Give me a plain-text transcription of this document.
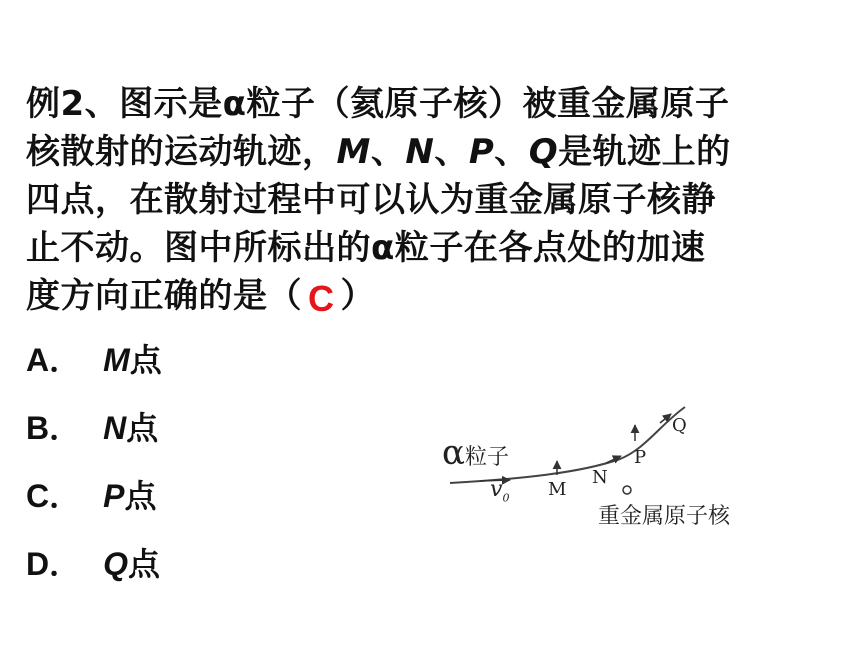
例2、图示是α粒子（氦原子核）被重金属原子
核散射的运动轨迹，M、N、P、Q是轨迹上的
四点，在散射过程中可以认为重金属原子核静
止不动。图中所标出的α粒子在各点处的加速
度方向正确的是（ C ）
A． M点
B． N点
C． P点
D． Q点
α粒子
$v_0$ M
N
P
Q
重金属原子核
